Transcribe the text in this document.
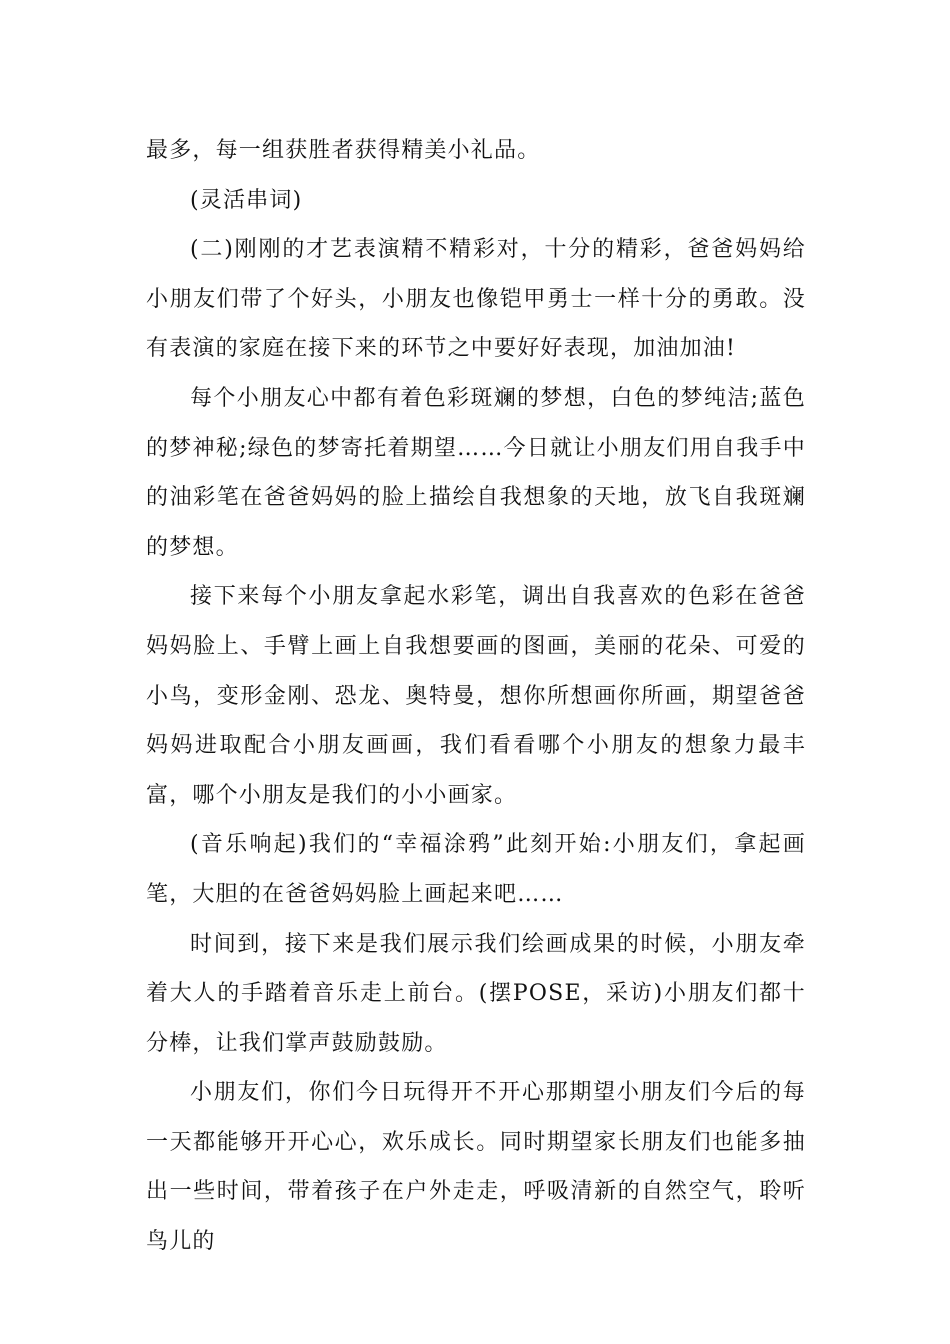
最多，每一组获胜者获得精美小礼品。

(灵活串词)

(二)刚刚的才艺表演精不精彩对，十分的精彩，爸爸妈妈给小朋友们带了个好头，小朋友也像铠甲勇士一样十分的勇敢。没有表演的家庭在接下来的环节之中要好好表现，加油加油!

每个小朋友心中都有着色彩斑斓的梦想，白色的梦纯洁;蓝色的梦神秘;绿色的梦寄托着期望……今日就让小朋友们用自我手中的油彩笔在爸爸妈妈的脸上描绘自我想象的天地，放飞自我斑斓的梦想。

接下来每个小朋友拿起水彩笔，调出自我喜欢的色彩在爸爸妈妈脸上、手臂上画上自我想要画的图画，美丽的花朵、可爱的小鸟，变形金刚、恐龙、奥特曼，想你所想画你所画，期望爸爸妈妈进取配合小朋友画画，我们看看哪个小朋友的想象力最丰富，哪个小朋友是我们的小小画家。

(音乐响起)我们的“幸福涂鸦”此刻开始:小朋友们，拿起画笔，大胆的在爸爸妈妈脸上画起来吧……

时间到，接下来是我们展示我们绘画成果的时候，小朋友牵着大人的手踏着音乐走上前台。(摆POSE，采访)小朋友们都十分棒，让我们掌声鼓励鼓励。

小朋友们，你们今日玩得开不开心那期望小朋友们今后的每一天都能够开开心心，欢乐成长。同时期望家长朋友们也能多抽出一些时间，带着孩子在户外走走，呼吸清新的自然空气，聆听鸟儿的
